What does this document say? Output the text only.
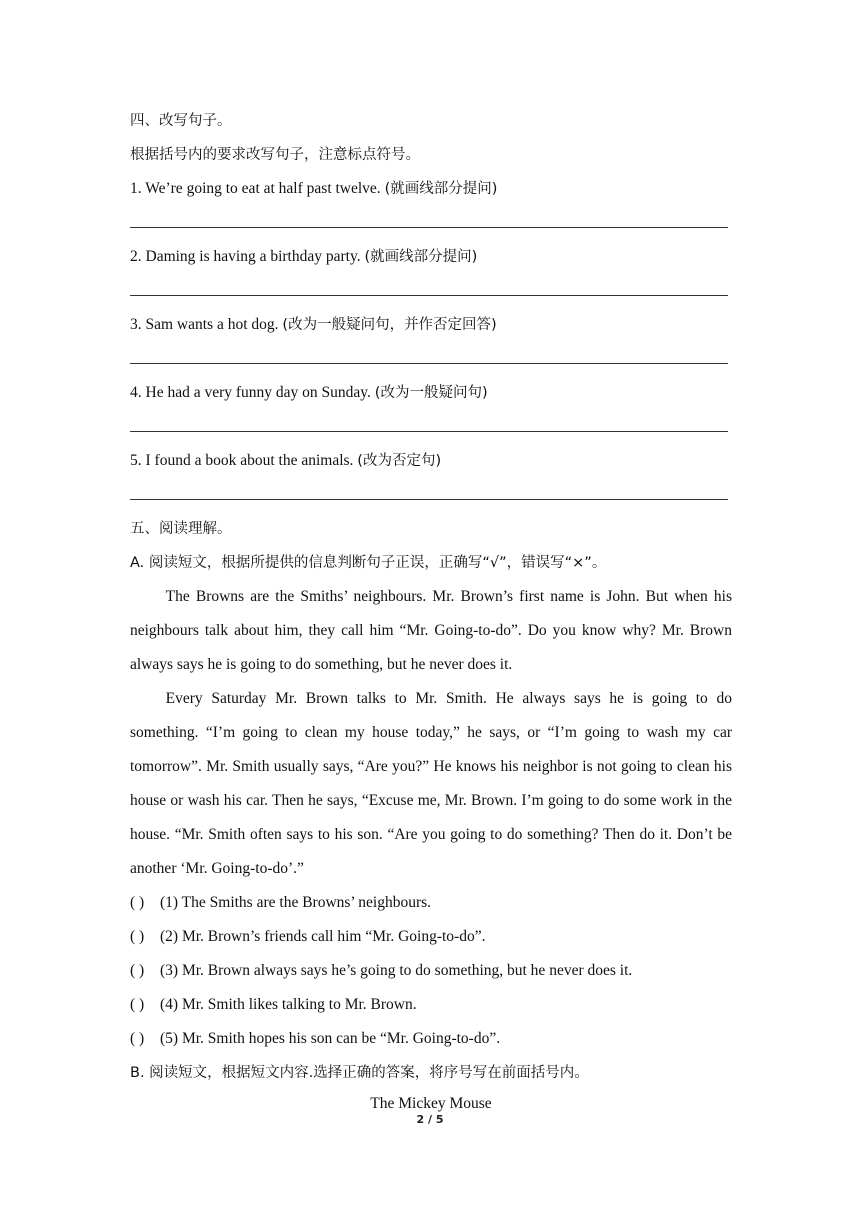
四、改写句子。
根据括号内的要求改写句子，注意标点符号。
1. We’re going to eat at half past twelve. (就画线部分提问)
2. Daming is having a birthday party. (就画线部分提问)
3. Sam wants a hot dog. (改为一般疑问句，并作否定回答)
4. He had a very funny day on Sunday. (改为一般疑问句)
5. I found a book about the animals. (改为否定句)
五、阅读理解。
A. 阅读短文，根据所提供的信息判断句子正误，正确写“√”，错误写“×”。

The Browns are the Smiths’ neighbours. Mr. Brown’s first name is John. But when his neighbours talk about him, they call him “Mr. Going-to-do”. Do you know why? Mr. Brown always says he is going to do something, but he never does it.

Every Saturday Mr. Brown talks to Mr. Smith. He always says he is going to do something. “I’m going to clean my house today,” he says, or “I’m going to wash my car tomorrow”. Mr. Smith usually says, “Are you?” He knows his neighbor is not going to clean his house or wash his car. Then he says, “Excuse me, Mr. Brown. I’m going to do some work in the house. “Mr. Smith often says to his son. “Are you going to do something? Then do it. Don’t be another ‘Mr. Going-to-do’.”

( ) (1) The Smiths are the Browns’ neighbours.
( ) (2) Mr. Brown’s friends call him “Mr. Going-to-do”.
( ) (3) Mr. Brown always says he’s going to do something, but he never does it.
( ) (4) Mr. Smith likes talking to Mr. Brown.
( ) (5) Mr. Smith hopes his son can be “Mr. Going-to-do”.
B. 阅读短文，根据短文内容.选择正确的答案，将序号写在前面括号内。
The Mickey Mouse
2 / 5
